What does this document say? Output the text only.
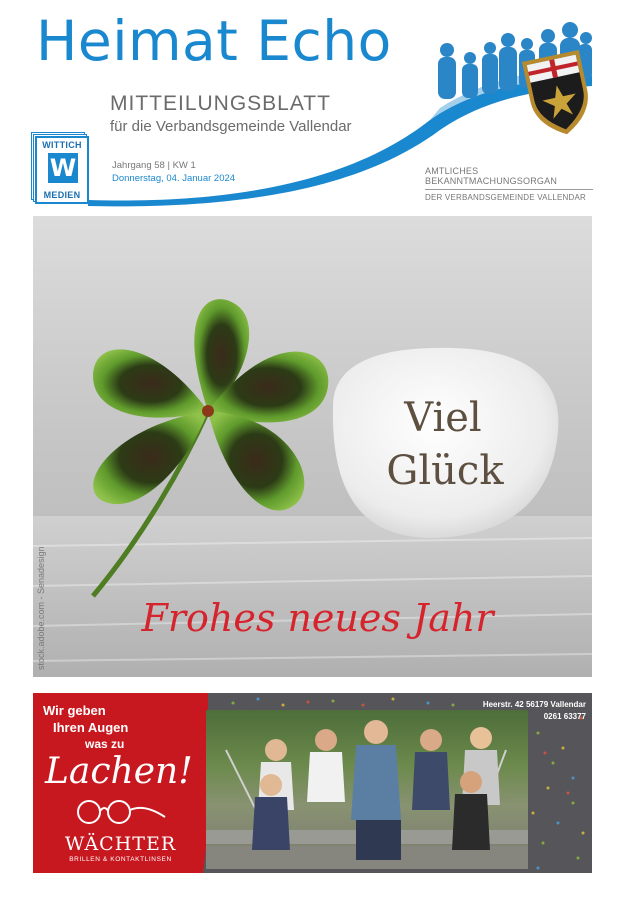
Heimat Echo
MITTEILUNGSBLATT
für die Verbandsgemeinde Vallendar
WITTICH
W
MEDIEN
Jahrgang 58 | KW 1
Donnerstag, 04. Januar 2024
AMTLICHES
BEKANNTMACHUNGSORGAN
DER VERBANDSGEMEINDE VALLENDAR
Viel
Glück
stock.adobe.com - Senadesign	Frohes neues Jahr
Wir geben
Ihren Augen
was zu
Lachen!
WÄCHTER
BRILLEN & KONTAKTLINSEN
Heerstr. 42 56179 Vallendar
0261 63377
